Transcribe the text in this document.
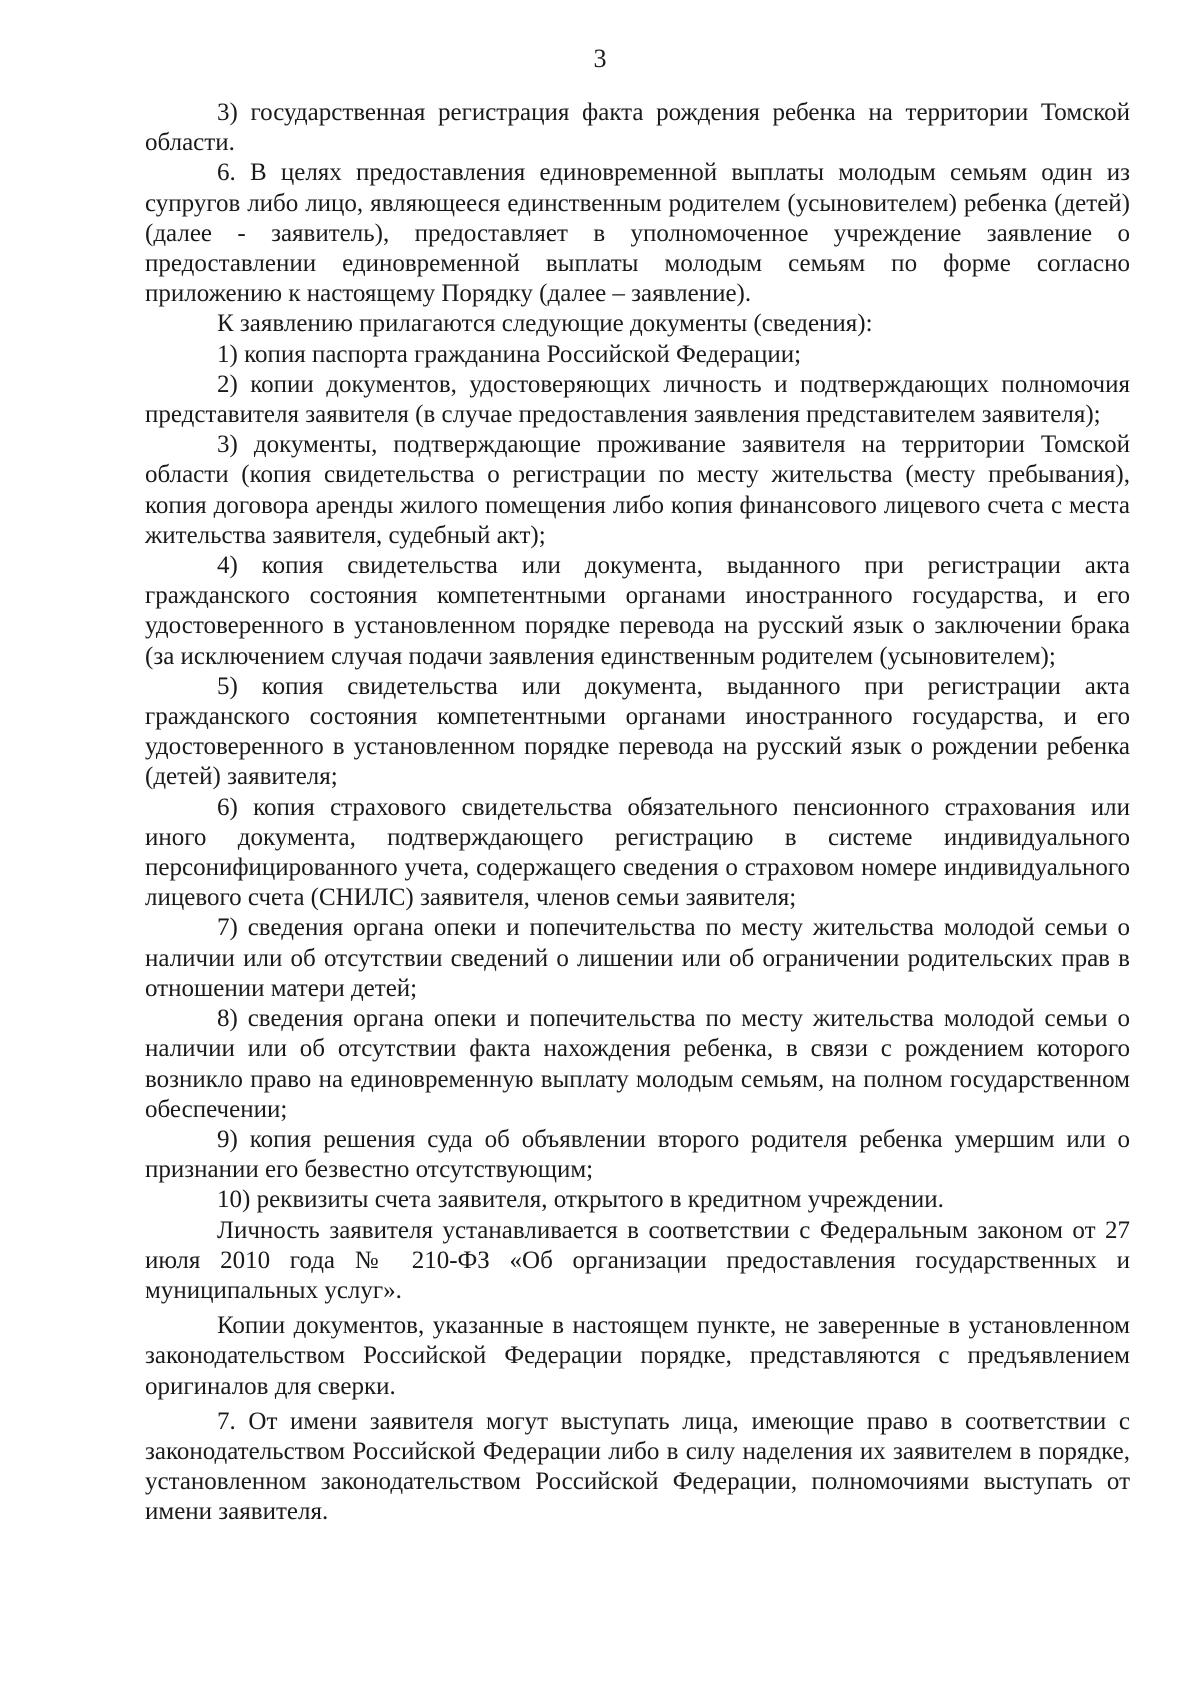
3

3) государственная регистрация факта рождения ребенка на территории Томской области.

6. В целях предоставления единовременной выплаты молодым семьям один из супругов либо лицо, являющееся единственным родителем (усыновителем) ребенка (детей) (далее - заявитель), предоставляет в уполномоченное учреждение заявление о предоставлении единовременной выплаты молодым семьям по форме согласно приложению к настоящему Порядку (далее – заявление).

К заявлению прилагаются следующие документы (сведения):

1) копия паспорта гражданина Российской Федерации;

2) копии документов, удостоверяющих личность и подтверждающих полномочия представителя заявителя (в случае предоставления заявления представителем заявителя);

3) документы, подтверждающие проживание заявителя на территории Томской области (копия свидетельства о регистрации по месту жительства (месту пребывания), копия договора аренды жилого помещения либо копия финансового лицевого счета с места жительства заявителя, судебный акт);

4) копия свидетельства или документа, выданного при регистрации акта гражданского состояния компетентными органами иностранного государства, и его удостоверенного в установленном порядке перевода на русский язык о заключении брака (за исключением случая подачи заявления единственным родителем (усыновителем);

5) копия свидетельства или документа, выданного при регистрации акта гражданского состояния компетентными органами иностранного государства, и его удостоверенного в установленном порядке перевода на русский язык о рождении ребенка (детей) заявителя;

6) копия страхового свидетельства обязательного пенсионного страхования или иного документа, подтверждающего регистрацию в системе индивидуального персонифицированного учета, содержащего сведения о страховом номере индивидуального лицевого счета (СНИЛС) заявителя, членов семьи заявителя;

7) сведения органа опеки и попечительства по месту жительства молодой семьи о наличии или об отсутствии сведений о лишении или об ограничении родительских прав в отношении матери детей;

8) сведения органа опеки и попечительства по месту жительства молодой семьи о наличии или об отсутствии факта нахождения ребенка, в связи с рождением которого возникло право на единовременную выплату молодым семьям, на полном государственном обеспечении;

9) копия решения суда об объявлении второго родителя ребенка умершим или о признании его безвестно отсутствующим;

10) реквизиты счета заявителя, открытого в кредитном учреждении.

Личность заявителя устанавливается в соответствии с Федеральным законом от 27 июля 2010 года № 210-ФЗ «Об организации предоставления государственных и муниципальных услуг».

Копии документов, указанные в настоящем пункте, не заверенные в установленном законодательством Российской Федерации порядке, представляются с предъявлением оригиналов для сверки.

7. От имени заявителя могут выступать лица, имеющие право в соответствии с законодательством Российской Федерации либо в силу наделения их заявителем в порядке, установленном законодательством Российской Федерации, полномочиями выступать от имени заявителя.
